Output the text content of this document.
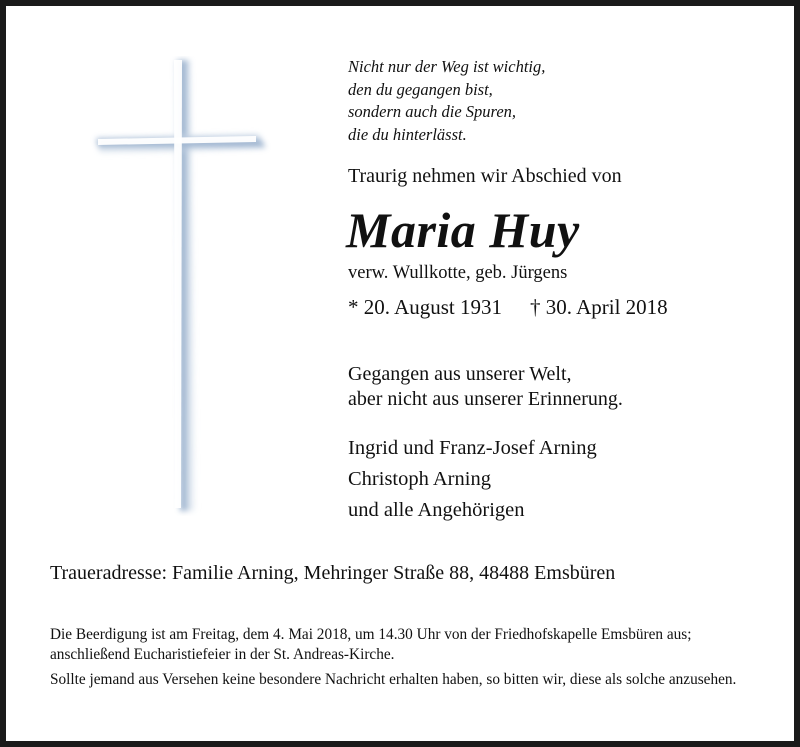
Nicht nur der Weg ist wichtig,
den du gegangen bist,
sondern auch die Spuren,
die du hinterlässt.
Traurig nehmen wir Abschied von
Maria Huy
verw. Wullkotte, geb. Jürgens
* 20. August 1931 † 30. April 2018
Gegangen aus unserer Welt,
aber nicht aus unserer Erinnerung.
Ingrid und Franz-Josef Arning
Christoph Arning
und alle Angehörigen
Traueradresse: Familie Arning, Mehringer Straße 88, 48488 Emsbüren

Die Beerdigung ist am Freitag, dem 4. Mai 2018, um 14.30 Uhr von der Friedhofskapelle Emsbüren aus; anschließend Eucharistiefeier in der St. Andreas-Kirche.

Sollte jemand aus Versehen keine besondere Nachricht erhalten haben, so bitten wir, diese als solche anzusehen.
